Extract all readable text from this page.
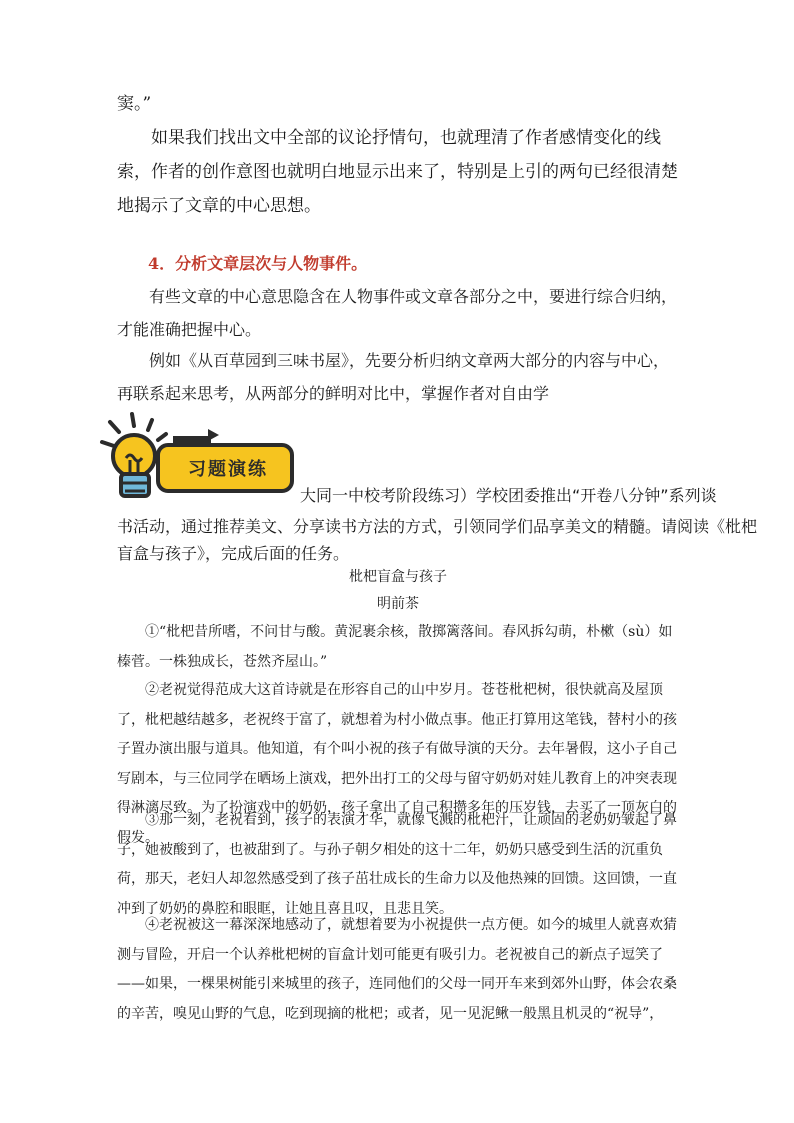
窦。”

如果我们找出文中全部的议论抒情句，也就理清了作者感情变化的线索，作者的创作意图也就明白地显示出来了，特别是上引的两句已经很清楚地揭示了文章的中心思想。

4．分析文章层次与人物事件。

有些文章的中心意思隐含在人物事件或文章各部分之中，要进行综合归纳，才能准确把握中心。

例如《从百草园到三味书屋》，先要分析归纳文章两大部分的内容与中心，再联系起来思考，从两部分的鲜明对比中，掌握作者对自由学

习题演练

大同一中校考阶段练习）学校团委推出“开卷八分钟”系列谈

书活动，通过推荐美文、分享读书方法的方式，引领同学们品享美文的精髓。请阅读《枇杷

盲盒与孩子》，完成后面的任务。

枇杷盲盒与孩子

明前茶

①“枇杷昔所嗜，不问甘与酸。黄泥裹余核，散掷篱落间。春风拆勾萌，朴樕（sù）如榛菅。一株独成长，苍然齐屋山。”

②老祝觉得范成大这首诗就是在形容自己的山中岁月。苍苍枇杷树，很快就高及屋顶了，枇杷越结越多，老祝终于富了，就想着为村小做点事。他正打算用这笔钱，替村小的孩子置办演出服与道具。他知道，有个叫小祝的孩子有做导演的天分。去年暑假，这小子自己写剧本，与三位同学在晒场上演戏，把外出打工的父母与留守奶奶对娃儿教育上的冲突表现得淋漓尽致。为了扮演戏中的奶奶，孩子拿出了自己积攒多年的压岁钱，去买了一顶灰白的假发。

③那一刻，老祝看到，孩子的表演才华，就像飞溅的枇杷汁，让顽固的老奶奶皱起了鼻子，她被酸到了，也被甜到了。与孙子朝夕相处的这十二年，奶奶只感受到生活的沉重负荷，那天，老妇人却忽然感受到了孩子茁壮成长的生命力以及他热辣的回馈。这回馈，一直冲到了奶奶的鼻腔和眼眶，让她且喜且叹，且悲且笑。

④老祝被这一幕深深地感动了，就想着要为小祝提供一点方便。如今的城里人就喜欢猜测与冒险，开启一个认养枇杷树的盲盒计划可能更有吸引力。老祝被自己的新点子逗笑了——如果，一棵果树能引来城里的孩子，连同他们的父母一同开车来到郊外山野，体会农桑的辛苦，嗅见山野的气息，吃到现摘的枇杷；或者，见一见泥鳅一般黑且机灵的“祝导”，
